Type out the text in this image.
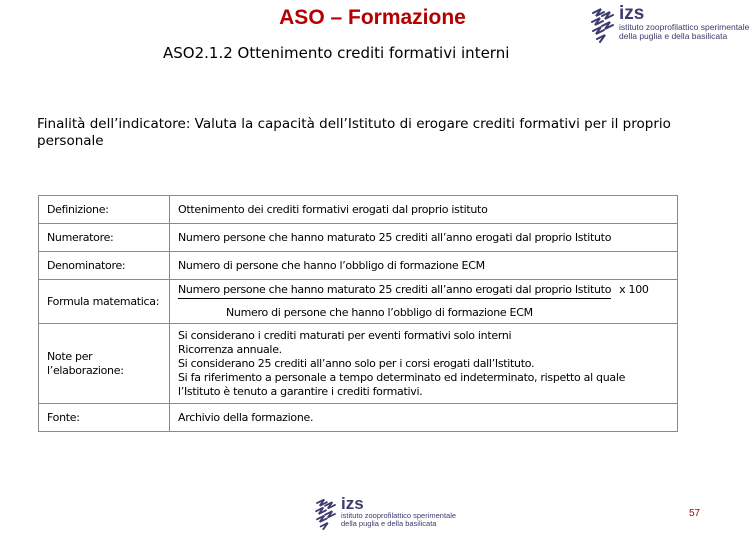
ASO – Formazione
ASO2.1.2 Ottenimento crediti formativi interni
izs
istituto zooprofilattico sperimentale
della puglia e della basilicata
Finalità dell’indicatore: Valuta la capacità dell’Istituto di erogare crediti formativi per il proprio personale
Definizione:	Ottenimento dei crediti formativi erogati dal proprio istituto
Numeratore:	Numero persone che hanno maturato 25 crediti all’anno erogati dal proprio Istituto
Denominatore:	Numero di persone che hanno l’obbligo di formazione ECM
Formula matematica:	Numero persone che hanno maturato 25 crediti all’anno erogati dal proprio Istituto x 100
Numero di persone che hanno l’obbligo di formazione ECM

Note per l’elaborazione:	Si considerano i crediti maturati per eventi formativi solo interni
Ricorrenza annuale.
Si considerano 25 crediti all’anno solo per i corsi erogati dall’Istituto.
Si fa riferimento a personale a tempo determinato ed indeterminato, rispetto al quale l’Istituto è tenuto a garantire i crediti formativi.

Fonte:	Archivio della formazione.
izs
istituto zooprofilattico sperimentale
della puglia e della basilicata
57
